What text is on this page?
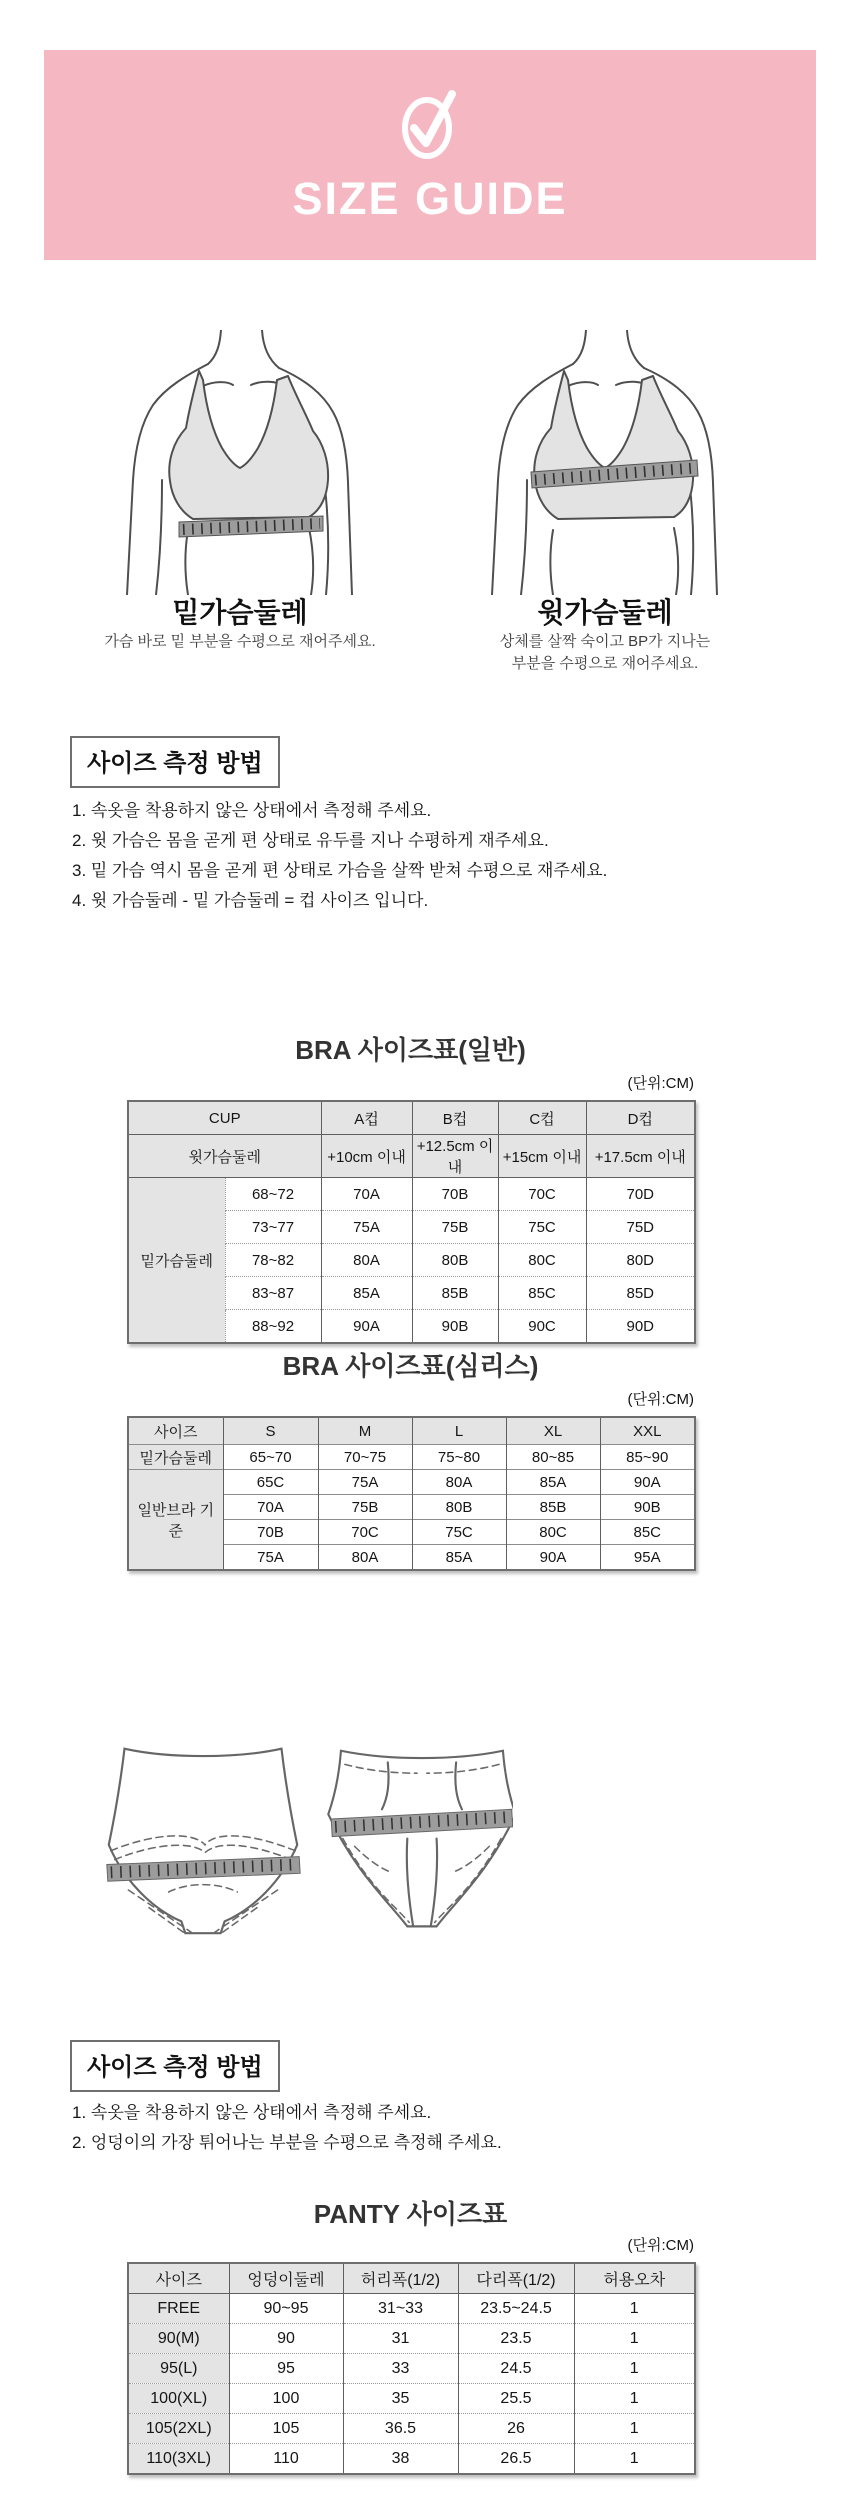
SIZE GUIDE
밑가슴둘레	윗가슴둘레
가슴 바로 밑 부분을 수평으로 재어주세요.	상체를 살짝 숙이고 BP가 지나는
부분을 수평으로 재어주세요.
사이즈 측정 방법
1. 속옷을 착용하지 않은 상태에서 측정해 주세요.
2. 윗 가슴은 몸을 곧게 편 상태로 유두를 지나 수평하게 재주세요.
3. 밑 가슴 역시 몸을 곧게 편 상태로 가슴을 살짝 받쳐 수평으로 재주세요.
4. 윗 가슴둘레 - 밑 가슴둘레 = 컵 사이즈 입니다.
BRA 사이즈표(일반)
(단위:CM)
CUP		A컵	B컵	C컵	D컵
윗가슴둘레		+10cm 이내	+12.5cm 이내	+15cm 이내	+17.5cm 이내
밑가슴둘레	68~72	70A	70B	70C	70D
	73~77	75A	75B	75C	75D
	78~82	80A	80B	80C	80D
	83~87	85A	85B	85C	85D
	88~92	90A	90B	90C	90D
BRA 사이즈표(심리스)
(단위:CM)
사이즈	S	M	L	XL	XXL
밑가슴둘레	65~70	70~75	75~80	80~85	85~90
일반브라 기준	65C	75A	80A	85A	90A
	70A	75B	80B	85B	90B
	70B	70C	75C	80C	85C
	75A	80A	85A	90A	95A
사이즈 측정 방법
1. 속옷을 착용하지 않은 상태에서 측정해 주세요.
2. 엉덩이의 가장 튀어나는 부분을 수평으로 측정해 주세요.
PANTY 사이즈표
(단위:CM)
사이즈	엉덩이둘레	허리폭(1/2)	다리폭(1/2)	허용오차
FREE	90~95	31~33	23.5~24.5	1
90(M)	90	31	23.5	1
95(L)	95	33	24.5	1
100(XL)	100	35	25.5	1
105(2XL)	105	36.5	26	1
110(3XL)	110	38	26.5	1
